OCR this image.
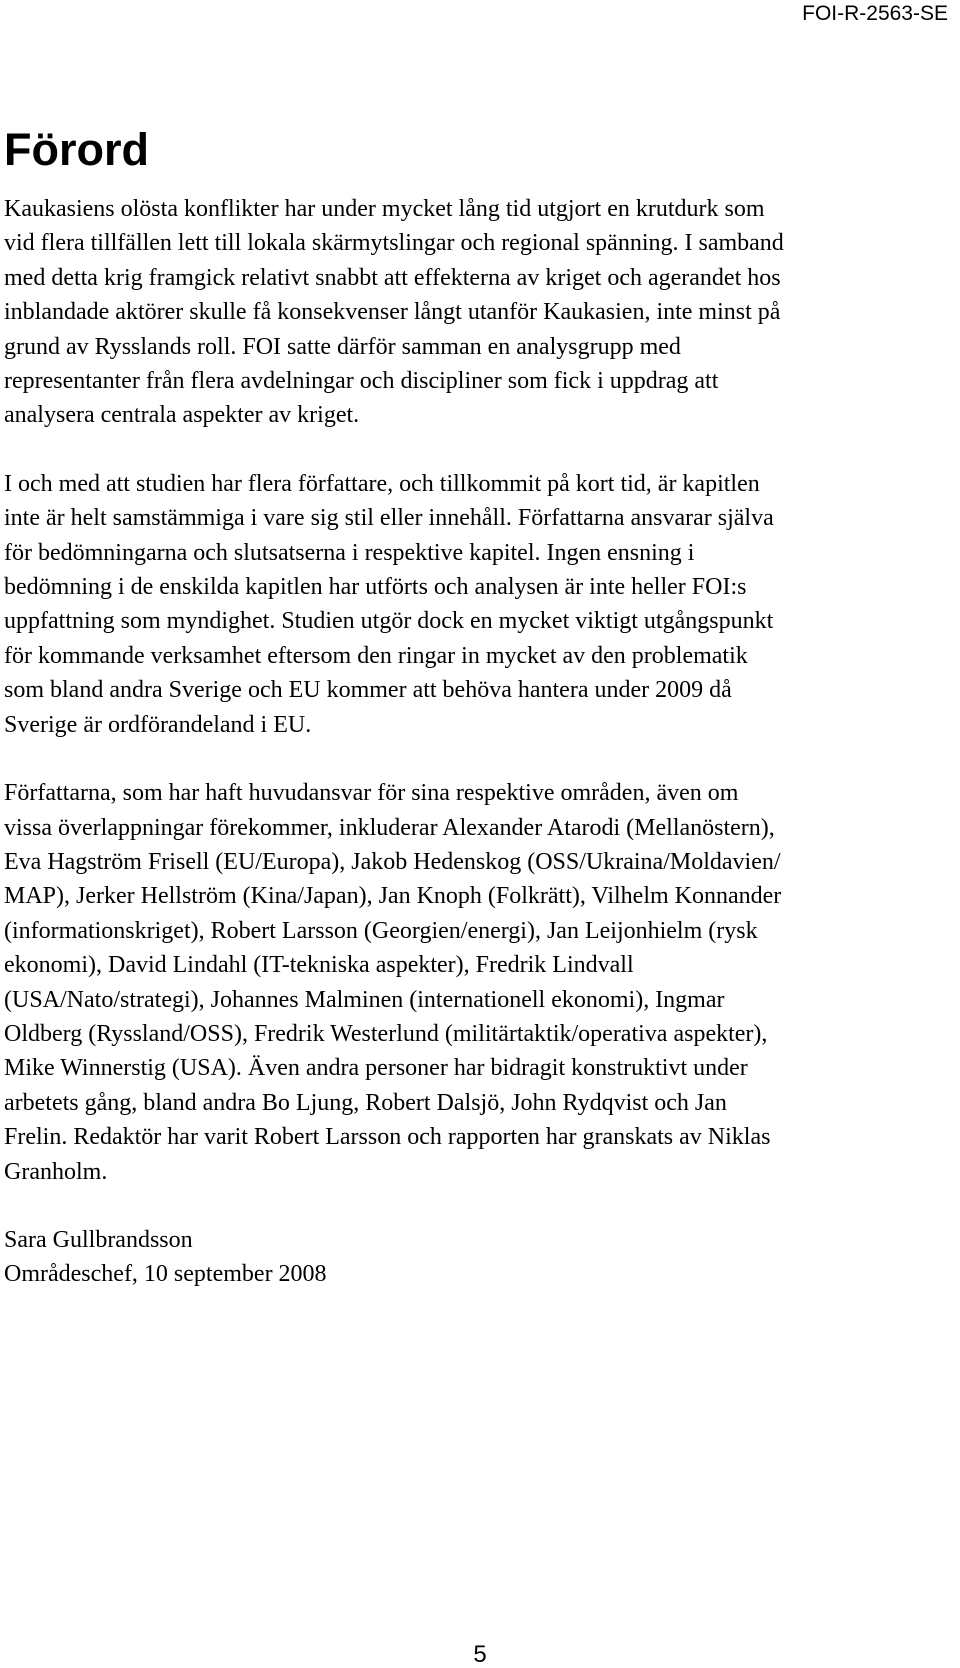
FOI-R-2563-SE
Förord

Kaukasiens olösta konflikter har under mycket lång tid utgjort en krutdurk som
vid flera tillfällen lett till lokala skärmytslingar och regional spänning. I samband
med detta krig framgick relativt snabbt att effekterna av kriget och agerandet hos
inblandade aktörer skulle få konsekvenser långt utanför Kaukasien, inte minst på
grund av Rysslands roll. FOI satte därför samman en analysgrupp med
representanter från flera avdelningar och discipliner som fick i uppdrag att
analysera centrala aspekter av kriget.

I och med att studien har flera författare, och tillkommit på kort tid, är kapitlen
inte är helt samstämmiga i vare sig stil eller innehåll. Författarna ansvarar själva
för bedömningarna och slutsatserna i respektive kapitel. Ingen ensning i
bedömning i de enskilda kapitlen har utförts och analysen är inte heller FOI:s
uppfattning som myndighet. Studien utgör dock en mycket viktigt utgångspunkt
för kommande verksamhet eftersom den ringar in mycket av den problematik
som bland andra Sverige och EU kommer att behöva hantera under 2009 då
Sverige är ordförandeland i EU.

Författarna, som har haft huvudansvar för sina respektive områden, även om
vissa överlappningar förekommer, inkluderar Alexander Atarodi (Mellanöstern),
Eva Hagström Frisell (EU/Europa), Jakob Hedenskog (OSS/Ukraina/Moldavien/
MAP), Jerker Hellström (Kina/Japan), Jan Knoph (Folkrätt), Vilhelm Konnander
(informationskriget), Robert Larsson (Georgien/energi), Jan Leijonhielm (rysk
ekonomi), David Lindahl (IT-tekniska aspekter), Fredrik Lindvall
(USA/Nato/strategi), Johannes Malminen (internationell ekonomi), Ingmar
Oldberg (Ryssland/OSS), Fredrik Westerlund (militärtaktik/operativa aspekter),
Mike Winnerstig (USA). Även andra personer har bidragit konstruktivt under
arbetets gång, bland andra Bo Ljung, Robert Dalsjö, John Rydqvist och Jan
Frelin. Redaktör har varit Robert Larsson och rapporten har granskats av Niklas
Granholm.

Sara Gullbrandsson
Områdeschef, 10 september 2008

5
